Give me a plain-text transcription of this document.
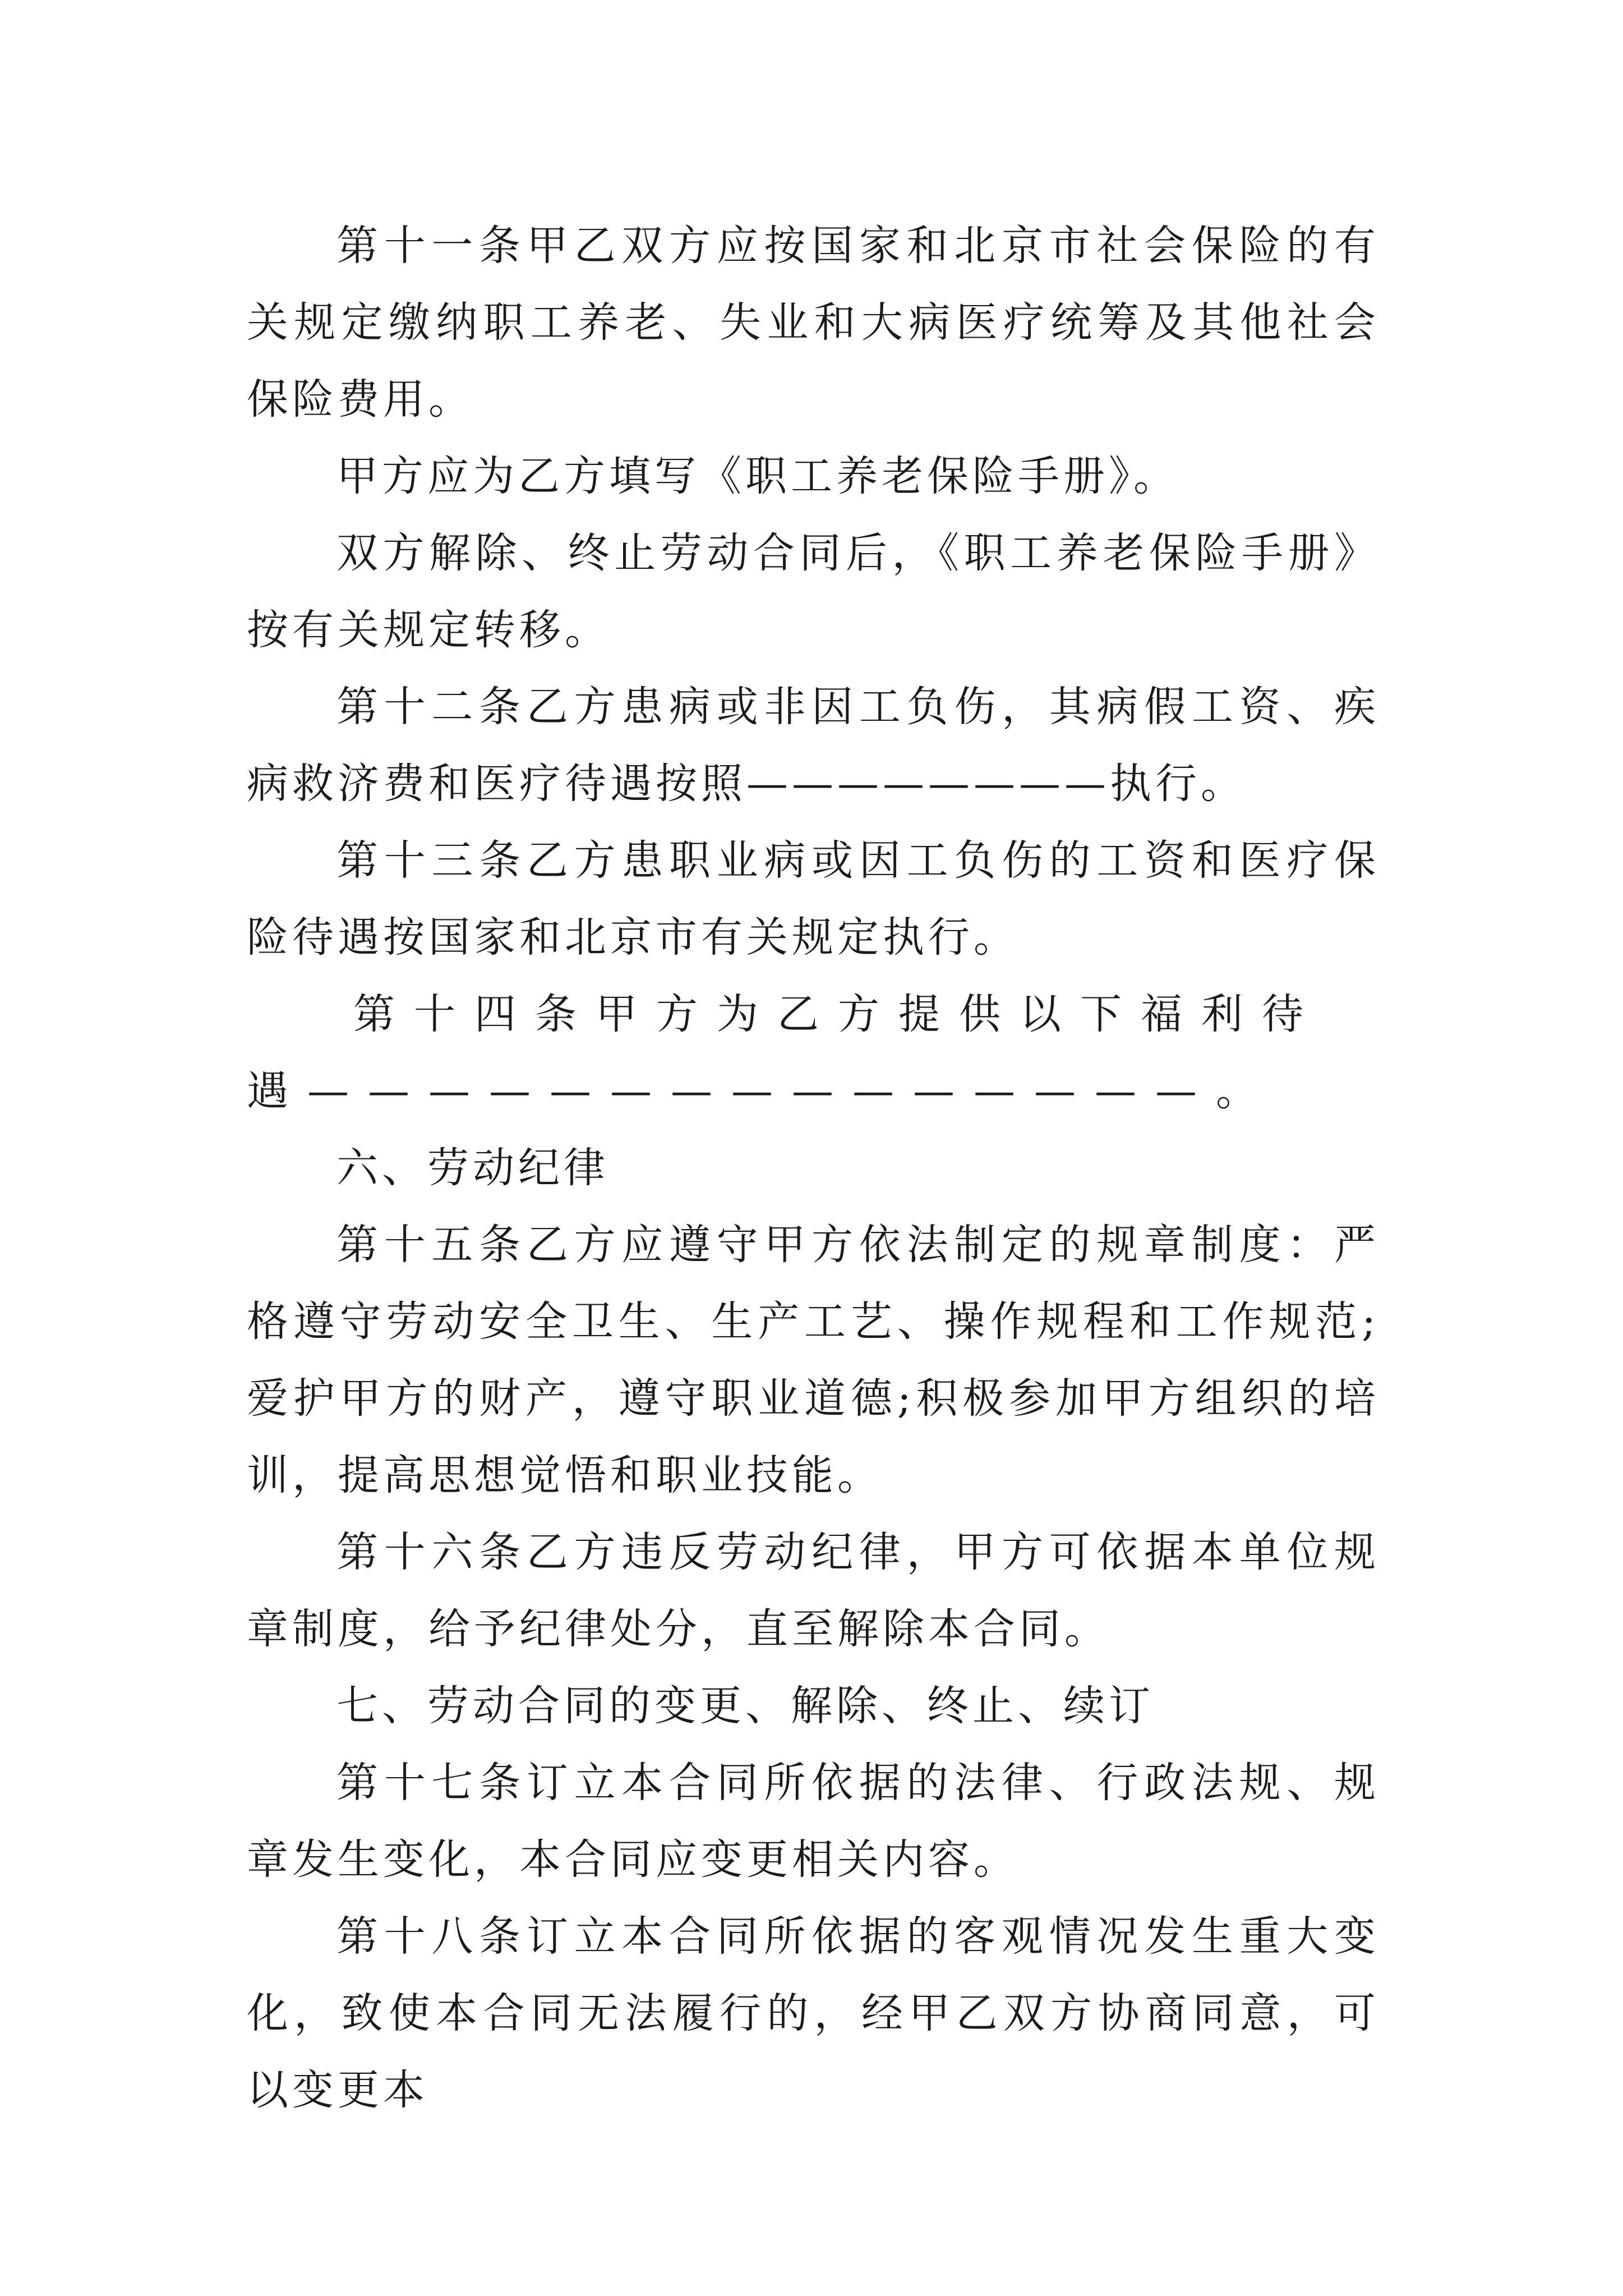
第十一条甲乙双方应按国家和北京市社会保险的有关规定缴纳职工养老、失业和大病医疗统筹及其他社会保险费用。

甲方应为乙方填写《职工养老保险手册》。

双方解除、终止劳动合同后，《职工养老保险手册》按有关规定转移。

第十二条乙方患病或非因工负伤，其病假工资、疾病救济费和医疗待遇按照————————执行。

第十三条乙方患职业病或因工负伤的工资和医疗保险待遇按国家和北京市有关规定执行。

第十四条甲方为乙方提供以下福利待遇———————————————。

六、劳动纪律

第十五条乙方应遵守甲方依法制定的规章制度：严格遵守劳动安全卫生、生产工艺、操作规程和工作规范;爱护甲方的财产，遵守职业道德;积极参加甲方组织的培训，提高思想觉悟和职业技能。

第十六条乙方违反劳动纪律，甲方可依据本单位规章制度，给予纪律处分，直至解除本合同。

七、劳动合同的变更、解除、终止、续订

第十七条订立本合同所依据的法律、行政法规、规章发生变化，本合同应变更相关内容。

第十八条订立本合同所依据的客观情况发生重大变化，致使本合同无法履行的，经甲乙双方协商同意，可以变更本
